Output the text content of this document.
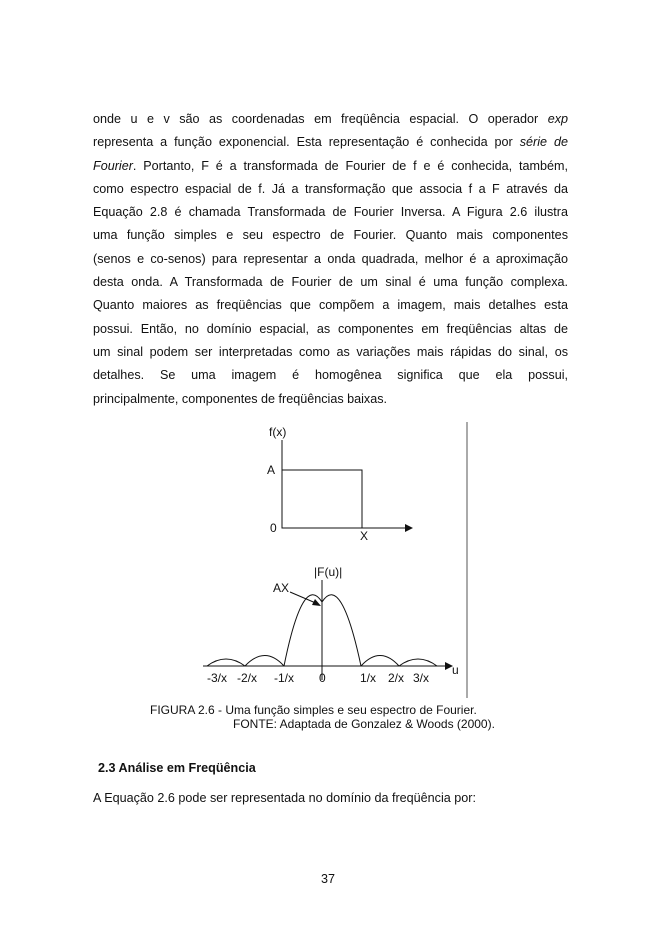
onde u e v são as coordenadas em freqüência espacial. O operador exp
representa a função exponencial. Esta representação é conhecida por série de
Fourier. Portanto, F é a transformada de Fourier de f e é conhecida, também,
como espectro espacial de f. Já a transformação que associa f a F através da
Equação 2.8 é chamada Transformada de Fourier Inversa. A Figura 2.6 ilustra
uma função simples e seu espectro de Fourier. Quanto mais componentes
(senos e co-senos) para representar a onda quadrada, melhor é a aproximação
desta onda. A Transformada de Fourier de um sinal é uma função complexa.
Quanto maiores as freqüências que compõem a imagem, mais detalhes esta
possui. Então, no domínio espacial, as componentes em freqüências altas de
um sinal podem ser interpretadas como as variações mais rápidas do sinal, os
detalhes. Se uma imagem é homogênea significa que ela possui,
principalmente, componentes de freqüências baixas.
f(x)
A
0
X
|F(u)|
AX
u
-3/x -2/x -1/x 0	1/x 2/x 3/x
FIGURA 2.6 - Uma função simples e seu espectro de Fourier.
FONTE: Adaptada de Gonzalez & Woods (2000).
2.3 Análise em Freqüência
A Equação 2.6 pode ser representada no domínio da freqüência por:
37
